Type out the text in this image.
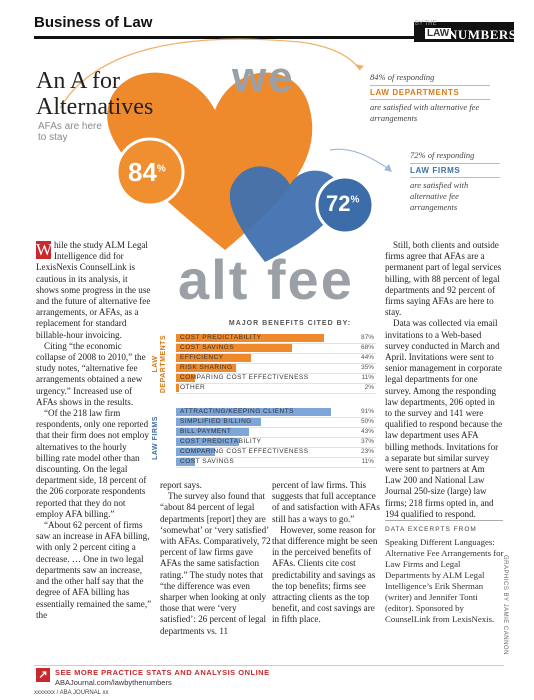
Business of Law	BY THE
LAW
NUMBERS
we
alt fee
84%
72%
An A for Alternatives
AFAs are here to stay
84% of responding
LAW DEPARTMENTS
are satisfied with alternative fee arrangements
72% of responding
LAW FIRMS
are satisfied with alternative fee arrangements
MAJOR BENEFITS CITED BY:
LAW DEPARTMENTS COST PREDICTABILITY	87%
COST SAVINGS	68%
EFFICIENCY	44%
RISK SHARING	35%
COMPARING COST EFFECTIVENESS	11%
OTHER	2%
LAW FIRMS
ATTRACTING/KEEPING CLIENTS	91%
SIMPLIFIED BILLING	50%
BILL PAYMENT	43%
COST PREDICTABILITY	37%
COMPARING COST EFFECTIVENESS	23%
COST SAVINGS	11%

W hile the study ALM Legal Intelligence did for LexisNexis CounselLink is cautious in its analysis, it shows some progress in the use and the future of alternative fee arrangements, or AFAs, as a replacement for standard billable-hour invoicing.

Citing “the economic collapse of 2008 to 2010,” the study notes, “alternative fee arrangements obtained a new urgency.” Increased use of AFAs shows in the results.

“Of the 218 law firm respondents, only one reported that their firm does not employ alternatives to the hourly billing rate model other than discounting. On the legal department side, 18 percent of the 206 corporate respondents reported that they do not employ AFA billing.”

“About 62 percent of firms saw an increase in AFA billing, with only 2 percent citing a decrease. … One in two legal departments saw an increase, and the other half say that the degree of AFA billing has essentially remained the same,” the

report says.

The survey also found that “about 84 percent of legal departments [report] they are ‘somewhat’ or ‘very satisfied’ with AFAs. Comparatively, 72 percent of law firms gave AFAs the same satisfaction rating.” The study notes that “the difference was even sharper when looking at only those that were ‘very satisfied’: 26 percent of legal departments vs. 11

percent of law firms. This suggests that full acceptance of and satisfaction with AFAs still has a ways to go.”

However, some reason for that difference might be seen in the perceived benefits of AFAs. Clients cite cost predictability and savings as the top benefits; firms see attracting clients as the top benefit, and cost savings are in fifth place.

Still, both clients and outside firms agree that AFAs are a permanent part of legal services billing, with 88 percent of legal departments and 92 percent of firms saying AFAs are here to stay.

Data was collected via email invitations to a Web-based survey conducted in March and April. Invitations were sent to senior management in corporate legal departments for one survey. Among the responding law departments, 206 opted in to the survey and 141 were qualified to respond because the law department uses AFA billing methods. Invitations for a separate but similar survey were sent to partners at Am Law 200 and National Law Journal 250-size (large) law firms; 218 firms opted in, and 194 qualified to respond.

DATA EXCERPTS FROM
Speaking Different Languages: Alternative Fee Arrangements for Law Firms and Legal Departments by ALM Legal Intelligence’s Erik Sherman (writer) and Jennifer Tonti (editor). Sponsored by CounselLink from LexisNexis.	GRAPHICS BY JAMIE CANNON
↗ SEE MORE PRACTICE STATS AND ANALYSIS ONLINE
ABAJournal.com/lawbythenumbers
xxxxxxx / ABA JOURNAL xx
